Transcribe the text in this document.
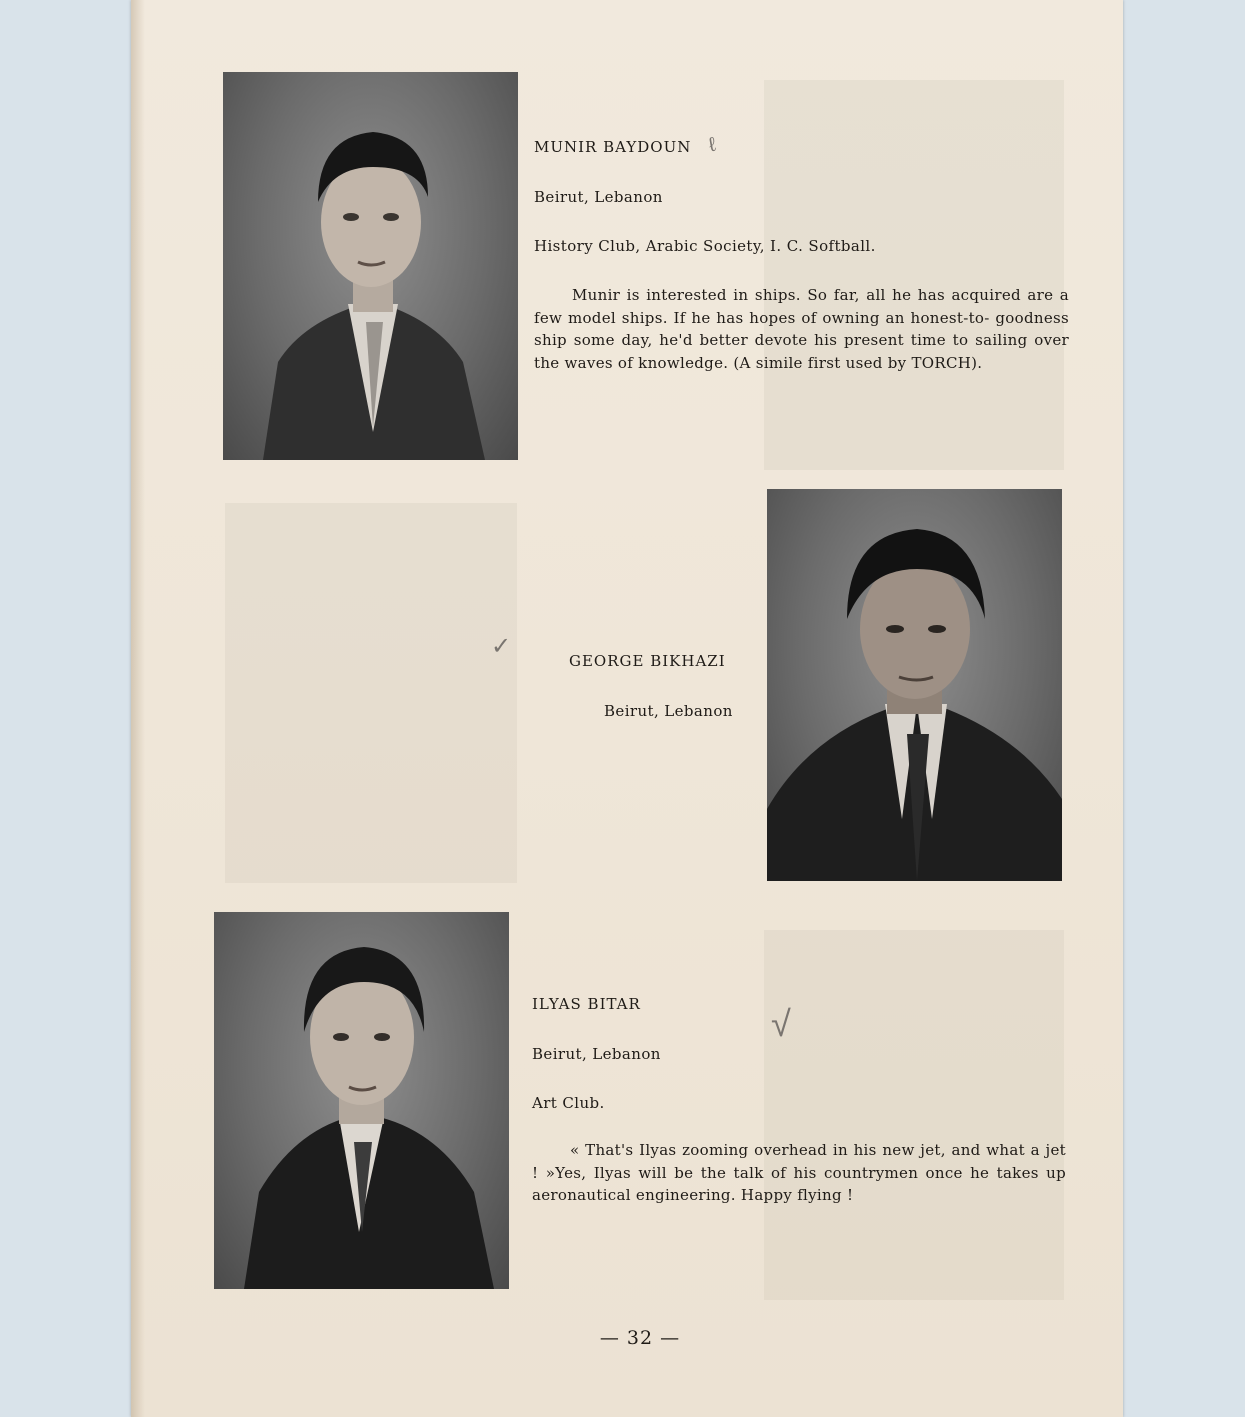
MUNIR BAYDOUN ℓ
Beirut, Lebanon
History Club, Arabic Society, I. C. Softball.

Munir is interested in ships. So far, all he has acquired are a few model ships. If he has hopes of owning an honest-to- goodness ship some day, he'd better devote his present time to sailing over the waves of knowledge. (A simile first used by TORCH).

✓
GEORGE BIKHAZI
Beirut, Lebanon
ILYAS BITAR	√
Beirut, Lebanon
Art Club.

« That's Ilyas zooming overhead in his new jet, and what a jet ! »Yes, Ilyas will be the talk of his countrymen once he takes up aeronautical engineering. Happy flying !

— 32 —
